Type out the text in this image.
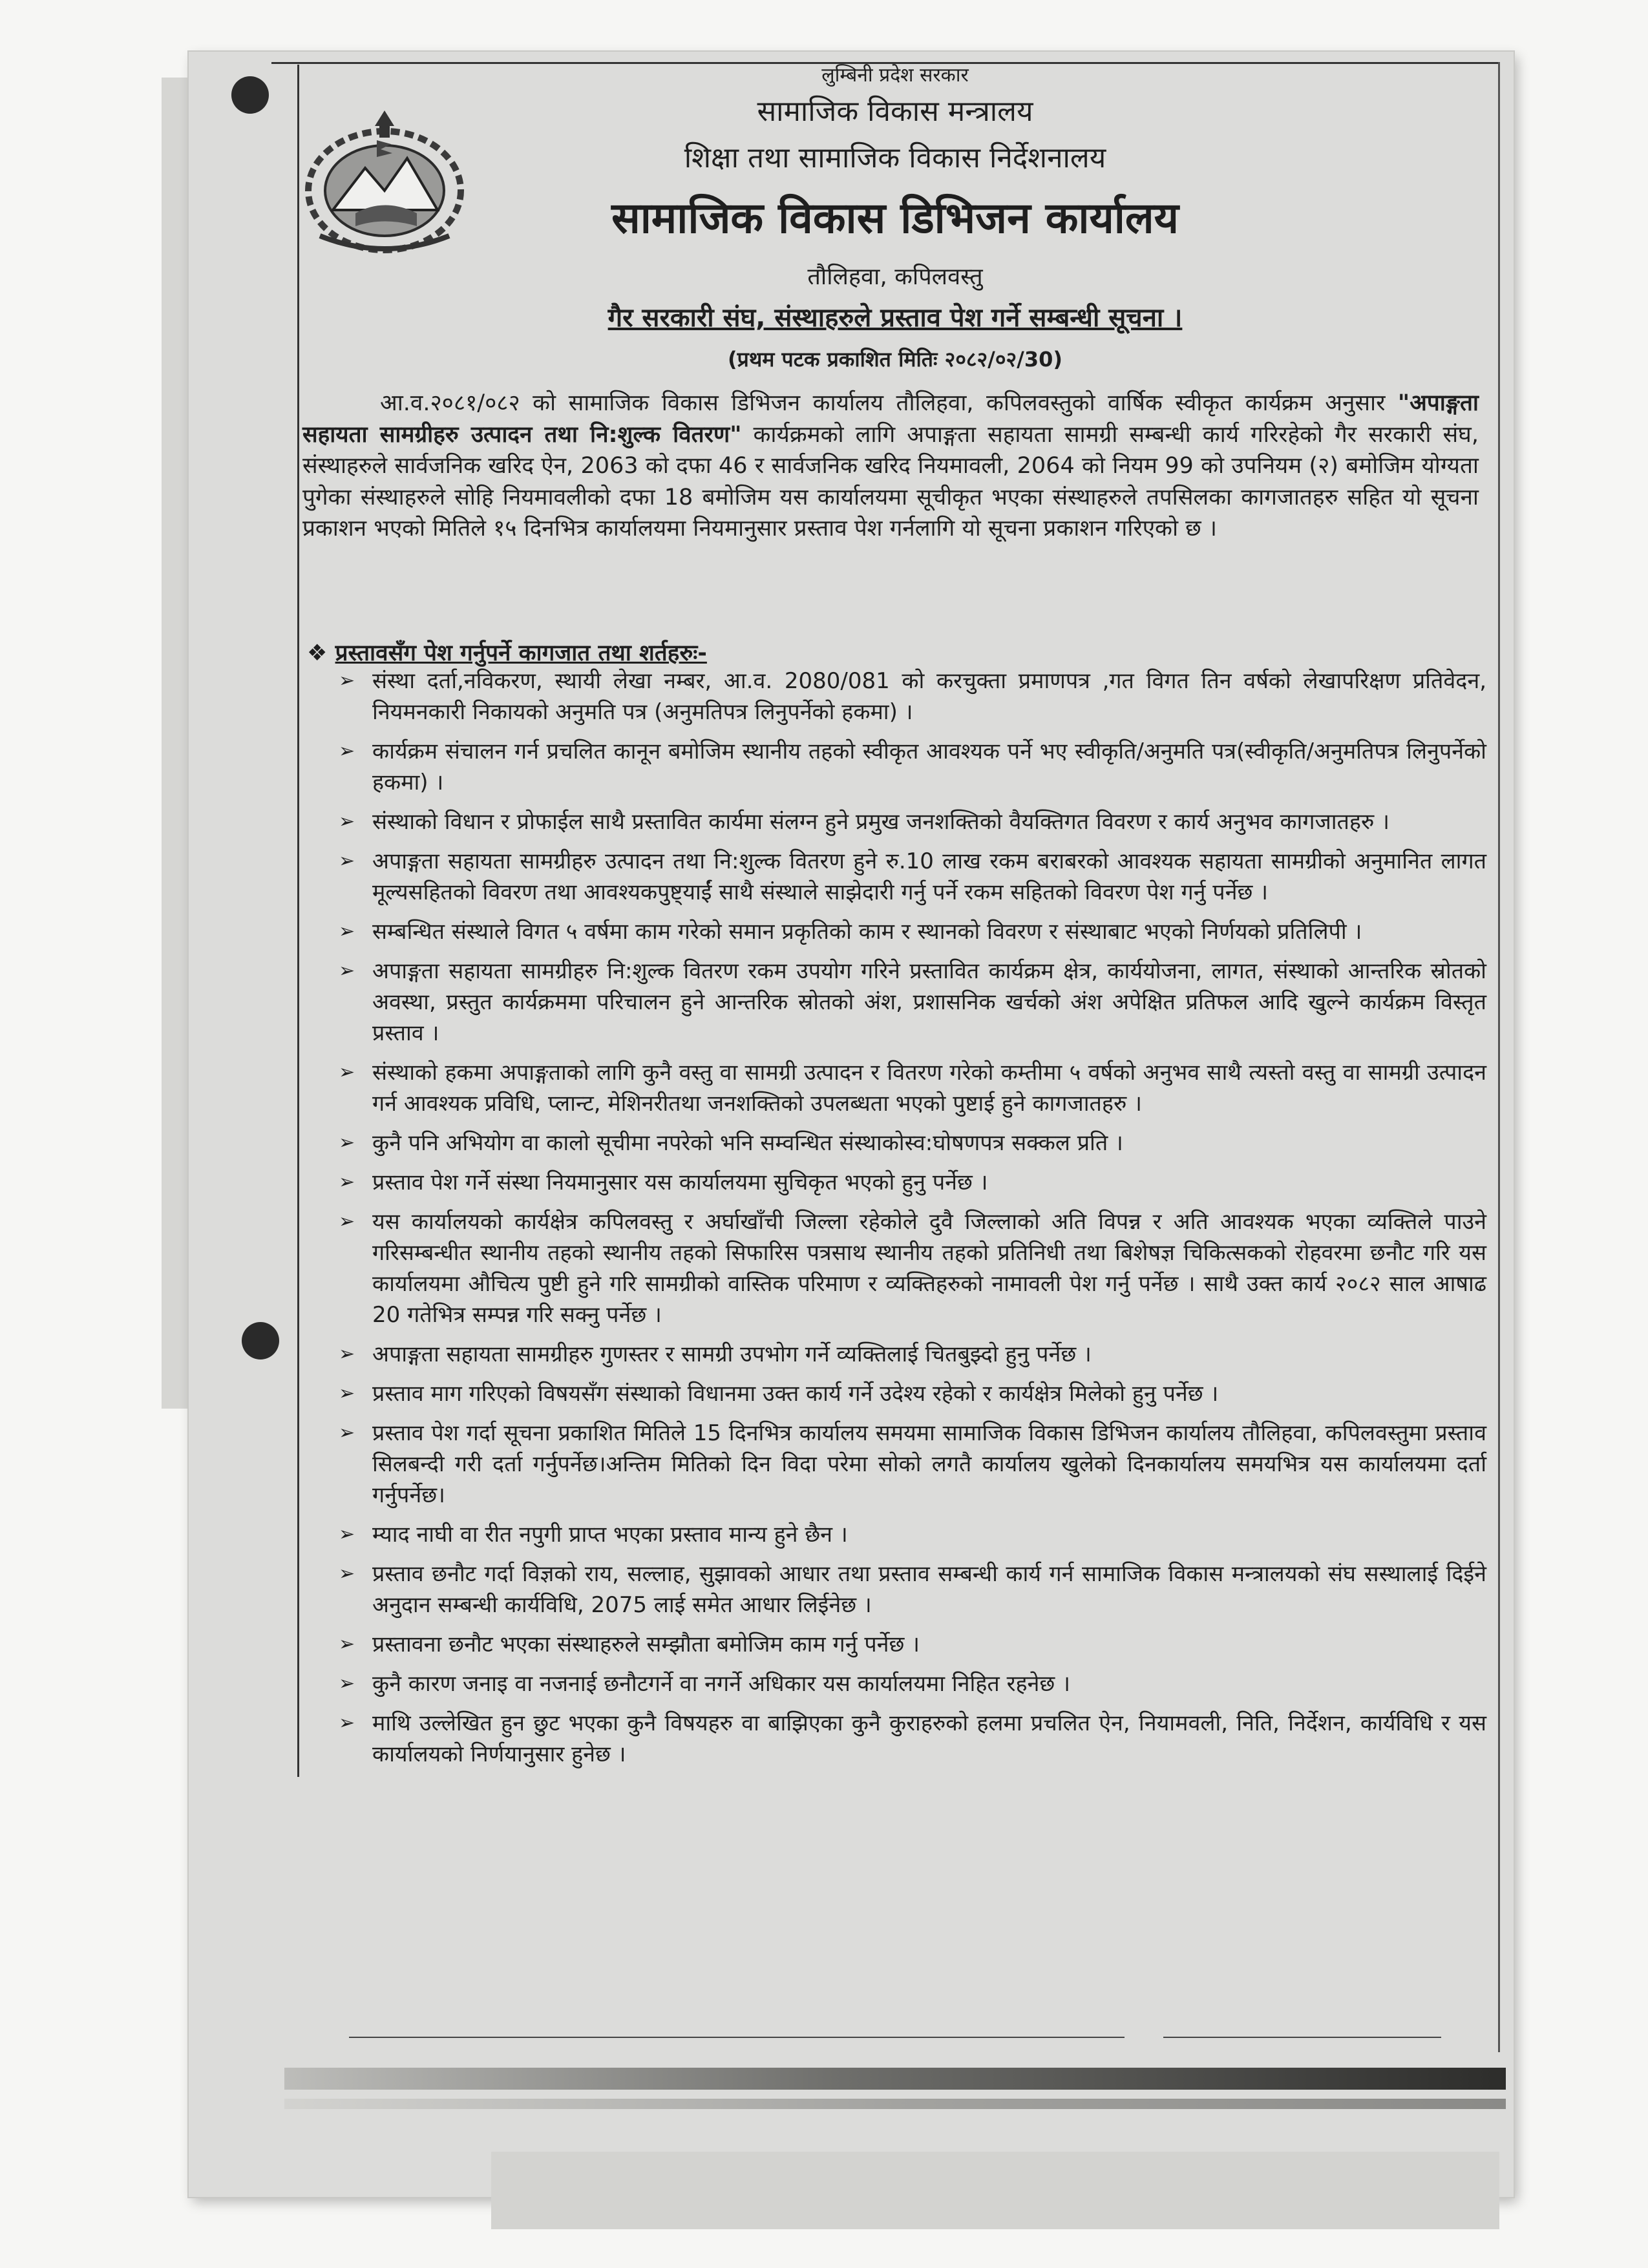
लुम्बिनी प्रदेश सरकार
सामाजिक विकास मन्त्रालय
शिक्षा तथा सामाजिक विकास निर्देशनालय
सामाजिक विकास डिभिजन कार्यालय
तौलिहवा, कपिलवस्तु
गैर सरकारी संघ, संस्थाहरुले प्रस्ताव पेश गर्ने सम्बन्धी सूचना ।
(प्रथम पटक प्रकाशित मितिः २०८२/०२/30)

आ.व.२०८१/०८२ को सामाजिक विकास डिभिजन कार्यालय तौलिहवा, कपिलवस्तुको वार्षिक स्वीकृत कार्यक्रम अनुसार "अपाङ्गता सहायता सामग्रीहरु उत्पादन तथा नि:शुल्क वितरण" कार्यक्रमको लागि अपाङ्गता सहायता सामग्री सम्बन्धी कार्य गरिरहेको गैर सरकारी संघ, संस्थाहरुले सार्वजनिक खरिद ऐन, 2063 को दफा 46 र सार्वजनिक खरिद नियमावली, 2064 को नियम 99 को उपनियम (२) बमोजिम योग्यता पुगेका संस्थाहरुले सोहि नियमावलीको दफा 18 बमोजिम यस कार्यालयमा सूचीकृत भएका संस्थाहरुले तपसिलका कागजातहरु सहित यो सूचना प्रकाशन भएको मितिले १५ दिनभित्र कार्यालयमा नियमानुसार प्रस्ताव पेश गर्नलागि यो सूचना प्रकाशन गरिएको छ ।

❖ प्रस्तावसँग पेश गर्नुपर्ने कागजात तथा शर्तहरुः-
➢ संस्था दर्ता,नविकरण, स्थायी लेखा नम्बर, आ.व. 2080/081 को करचुक्ता प्रमाणपत्र ,गत विगत तिन वर्षको लेखापरिक्षण प्रतिवेदन, नियमनकारी निकायको अनुमति पत्र (अनुमतिपत्र लिनुपर्नेको हकमा) ।
➢ कार्यक्रम संचालन गर्न प्रचलित कानून बमोजिम स्थानीय तहको स्वीकृत आवश्यक पर्ने भए स्वीकृति/अनुमति पत्र(स्वीकृति/अनुमतिपत्र लिनुपर्नेको हकमा) ।
➢ संस्थाको विधान र प्रोफाईल साथै प्रस्तावित कार्यमा संलग्न हुने प्रमुख जनशक्तिको वैयक्तिगत विवरण र कार्य अनुभव कागजातहरु ।
➢ अपाङ्गता सहायता सामग्रीहरु उत्पादन तथा नि:शुल्क वितरण हुने रु.10 लाख रकम बराबरको आवश्यक सहायता सामग्रीको अनुमानित लागत मूल्यसहितको विवरण तथा आवश्यकपुष्ट्याईं साथै संस्थाले साझेदारी गर्नु पर्ने रकम सहितको विवरण पेश गर्नु पर्नेछ ।
➢ सम्बन्धित संस्थाले विगत ५ वर्षमा काम गरेको समान प्रकृतिको काम र स्थानको विवरण र संस्थाबाट भएको निर्णयको प्रतिलिपी ।
➢ अपाङ्गता सहायता सामग्रीहरु नि:शुल्क वितरण रकम उपयोग गरिने प्रस्तावित कार्यक्रम क्षेत्र, कार्ययोजना, लागत, संस्थाको आन्तरिक स्रोतको अवस्था, प्रस्तुत कार्यक्रममा परिचालन हुने आन्तरिक स्रोतको अंश, प्रशासनिक खर्चको अंश अपेक्षित प्रतिफल आदि खुल्ने कार्यक्रम विस्तृत प्रस्ताव ।
➢ संस्थाको हकमा अपाङ्गताको लागि कुनै वस्तु वा सामग्री उत्पादन र वितरण गरेको कम्तीमा ५ वर्षको अनुभव साथै त्यस्तो वस्तु वा सामग्री उत्पादन गर्न आवश्यक प्रविधि, प्लान्ट, मेशिनरीतथा जनशक्तिको उपलब्धता भएको पुष्टाई हुने कागजातहरु ।
➢ कुनै पनि अभियोग वा कालो सूचीमा नपरेको भनि सम्वन्धित संस्थाकोस्व:घोषणपत्र सक्कल प्रति ।
➢ प्रस्ताव पेश गर्ने संस्था नियमानुसार यस कार्यालयमा सुचिकृत भएको हुनु पर्नेछ ।
➢ यस कार्यालयको कार्यक्षेत्र कपिलवस्तु र अर्घाखाँची जिल्ला रहेकोले दुवै जिल्लाको अति विपन्न र अति आवश्यक भएका व्यक्तिले पाउने गरिसम्बन्धीत स्थानीय तहको स्थानीय तहको सिफारिस पत्रसाथ स्थानीय तहको प्रतिनिधी तथा बिशेषज्ञ चिकित्सकको रोहवरमा छनौट गरि यस कार्यालयमा औचित्य पुष्टी हुने गरि सामग्रीको वास्तिक परिमाण र व्यक्तिहरुको नामावली पेश गर्नु पर्नेछ । साथै उक्त कार्य २०८२ साल आषाढ 20 गतेभित्र सम्पन्न गरि सक्नु पर्नेछ ।
➢ अपाङ्गता सहायता सामग्रीहरु गुणस्तर र सामग्री उपभोग गर्ने व्यक्तिलाई चितबुझ्दो हुनु पर्नेछ ।
➢ प्रस्ताव माग गरिएको विषयसँग संस्थाको विधानमा उक्त कार्य गर्ने उदेश्य रहेको र कार्यक्षेत्र मिलेको हुनु पर्नेछ ।
➢ प्रस्ताव पेश गर्दा सूचना प्रकाशित मितिले 15 दिनभित्र कार्यालय समयमा सामाजिक विकास डिभिजन कार्यालय तौलिहवा, कपिलवस्तुमा प्रस्ताव सिलबन्दी गरी दर्ता गर्नुपर्नेछ।अन्तिम मितिको दिन विदा परेमा सोको लगतै कार्यालय खुलेको दिनकार्यालय समयभित्र यस कार्यालयमा दर्ता गर्नुपर्नेछ।
➢ म्याद नाघी वा रीत नपुगी प्राप्त भएका प्रस्ताव मान्य हुने छैन ।
➢ प्रस्ताव छनौट गर्दा विज्ञको राय, सल्लाह, सुझावको आधार तथा प्रस्ताव सम्बन्धी कार्य गर्न सामाजिक विकास मन्त्रालयको संघ सस्थालाई दिईने अनुदान सम्बन्धी कार्यविधि, 2075 लाई समेत आधार लिईनेछ ।
➢ प्रस्तावना छनौट भएका संस्थाहरुले सम्झौता बमोजिम काम गर्नु पर्नेछ ।
➢ कुनै कारण जनाइ वा नजनाई छनौटगर्ने वा नगर्ने अधिकार यस कार्यालयमा निहित रहनेछ ।
➢ माथि उल्लेखित हुन छुट भएका कुनै विषयहरु वा बाझिएका कुनै कुराहरुको हलमा प्रचलित ऐन, नियामवली, निति, निर्देशन, कार्यविधि र यस कार्यालयको निर्णयानुसार हुनेछ ।
